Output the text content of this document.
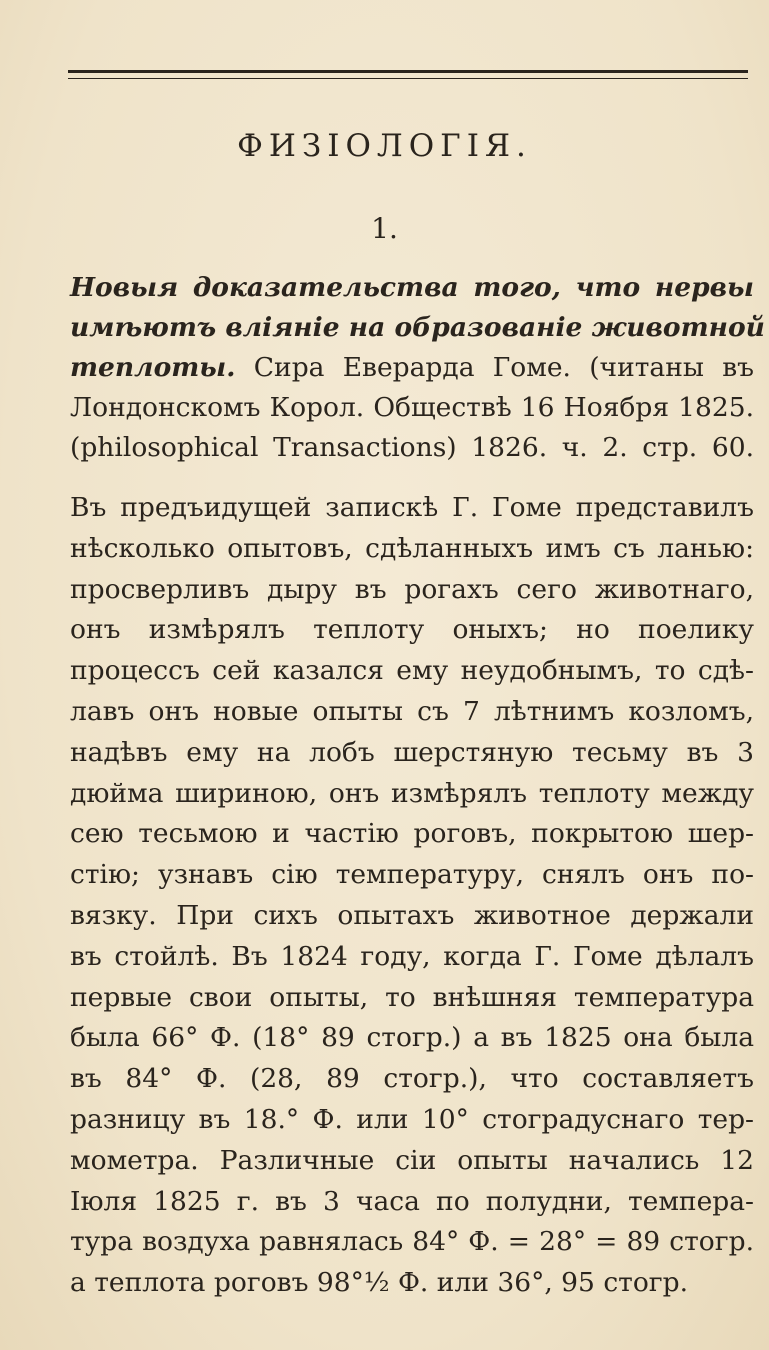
ФИЗІОЛОГІЯ.
1.
Новыя доказательства того, что нервы
имѣютъ вліяніе на образованіе животной
теплоты. Сира Еверарда Гоме. (читаны въ
Лондонскомъ Корол. Обществѣ 16 Ноября 1825.
(philosophical Transactions) 1826. ч. 2. стр. 60.
Въ предъидущей запискѣ Г. Гоме представилъ
нѣсколько опытовъ, сдѣланныхъ имъ съ ланью:
просверливъ дыру въ рогахъ сего животнаго,
онъ измѣрялъ теплоту оныхъ; но поелику
процессъ сей казался ему неудобнымъ, то сдѣ-
лавъ онъ новые опыты съ 7 лѣтнимъ козломъ,
надѣвъ ему на лобъ шерстяную тесьму въ 3
дюйма шириною, онъ измѣрялъ теплоту между
сею тесьмою и частію роговъ, покрытою шер-
стію; узнавъ сію температуру, снялъ онъ по-
вязку. При сихъ опытахъ животное держали
въ стойлѣ. Въ 1824 году, когда Г. Гоме дѣлалъ
первые свои опыты, то внѣшняя температура
была 66° Ф. (18° 89 стогр.) а въ 1825 она была
въ 84° Ф. (28, 89 стогр.), что составляетъ
разницу въ 18.° Ф. или 10° стоградуснаго тер-
мометра. Различные сіи опыты начались 12
Іюля 1825 г. въ 3 часа по полудни, темпера-
тура воздуха равнялась 84° Ф. = 28° = 89 стогр.
а теплота роговъ 98°½ Ф. или 36°, 95 стогр.
